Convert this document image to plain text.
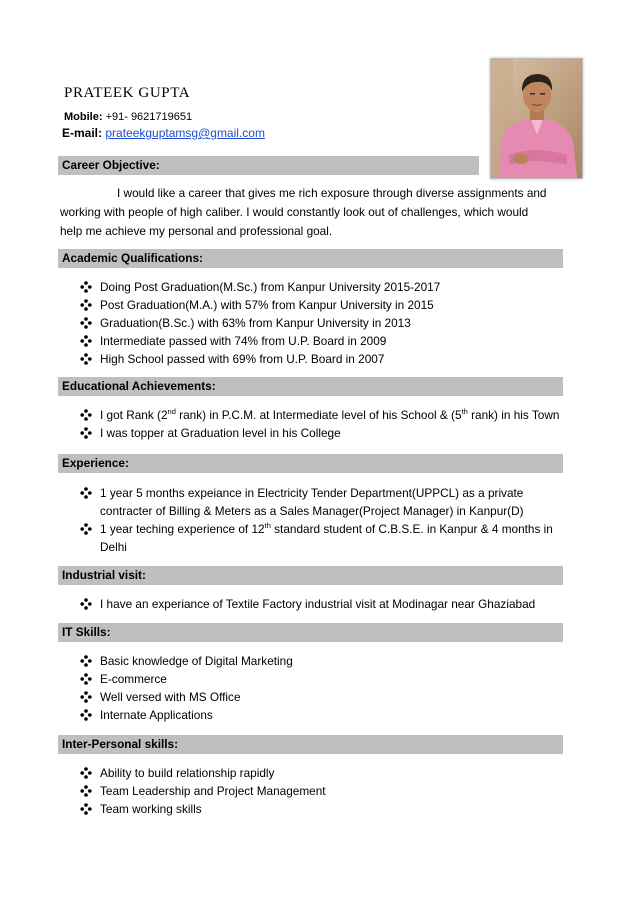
PRATEEK GUPTA
Mobile: +91- 9621719651
E-mail: prateekguptamsg@gmail.com
Career Objective:
I would like a career that gives me rich exposure through diverse assignments and
working with people of high caliber. I would constantly look out of challenges, which would
help me achieve my personal and professional goal.
Academic Qualifications:
Doing Post Graduation(M.Sc.) from Kanpur University 2015-2017
Post Graduation(M.A.) with 57% from Kanpur University in 2015
Graduation(B.Sc.) with 63% from Kanpur University in 2013
Intermediate passed with 74% from U.P. Board in 2009
High School passed with 69% from U.P. Board in 2007
Educational Achievements:
I got Rank (2nd rank) in P.C.M. at Intermediate level of his School & (5th rank) in his Town
I was topper at Graduation level in his College
Experience:
1 year 5 months expeiance in Electricity Tender Department(UPPCL) as a private
contracter of Billing & Meters as a Sales Manager(Project Manager) in Kanpur(D)
1 year teching experience of 12th standard student of C.B.S.E. in Kanpur & 4 months in
Delhi
Industrial visit:
I have an experiance of Textile Factory industrial visit at Modinagar near Ghaziabad
IT Skills:
Basic knowledge of Digital Marketing
E-commerce
Well versed with MS Office
Internate Applications
Inter-Personal skills:
Ability to build relationship rapidly
Team Leadership and Project Management
Team working skills
